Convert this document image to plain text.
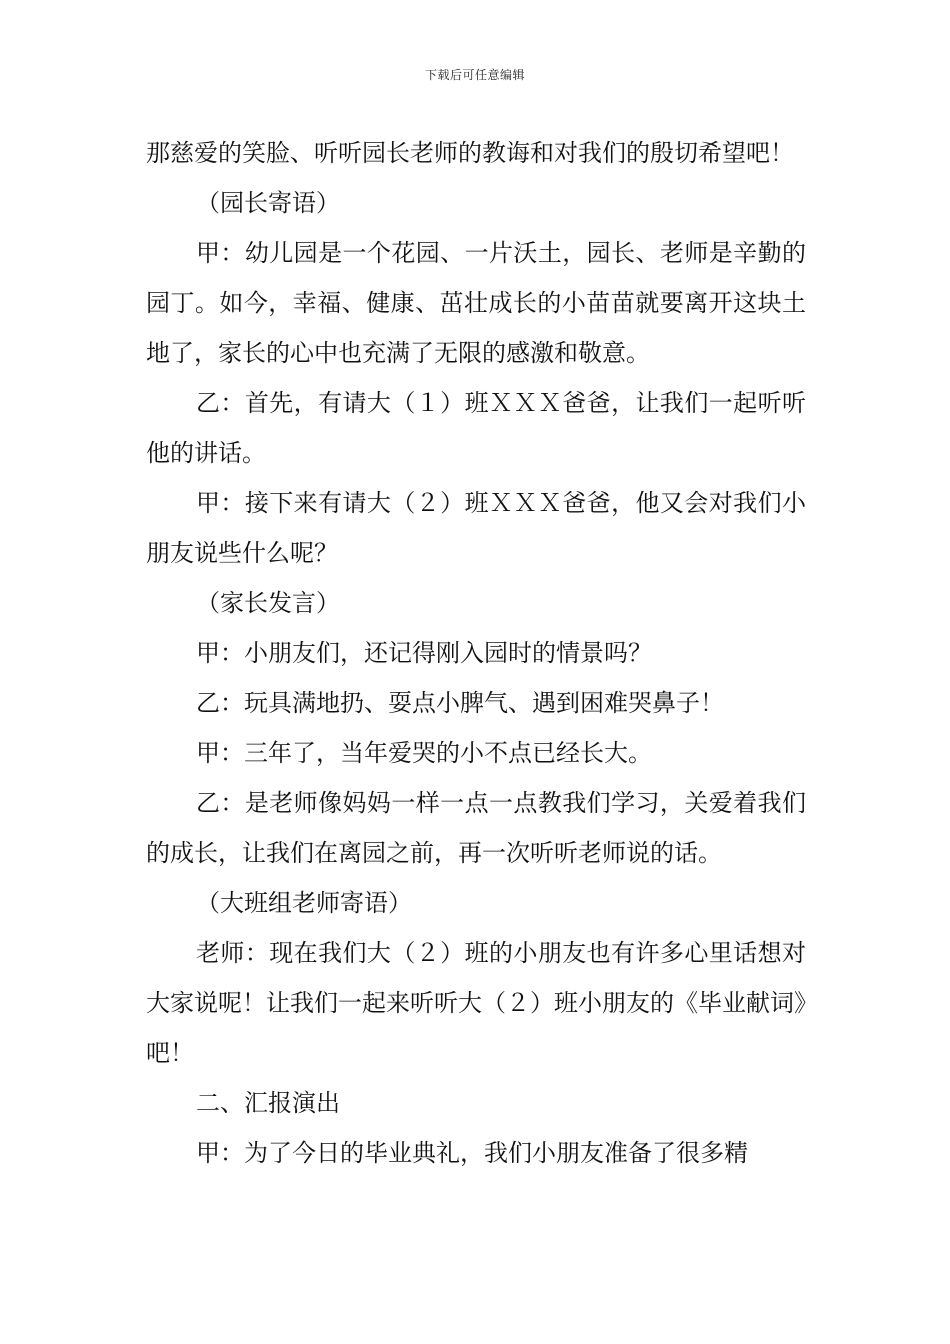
下载后可任意编辑

那慈爱的笑脸、听听园长老师的教诲和对我们的殷切希望吧！

（园长寄语）

甲：幼儿园是一个花园、一片沃土，园长、老师是辛勤的园丁。如今，幸福、健康、茁壮成长的小苗苗就要离开这块土地了，家长的心中也充满了无限的感激和敬意。

乙：首先，有请大（１）班ＸＸＸ爸爸，让我们一起听听他的讲话。

甲：接下来有请大（２）班ＸＸＸ爸爸，他又会对我们小朋友说些什么呢？

（家长发言）

甲：小朋友们，还记得刚入园时的情景吗？

乙：玩具满地扔、耍点小脾气、遇到困难哭鼻子！

甲：三年了，当年爱哭的小不点已经长大。

乙：是老师像妈妈一样一点一点教我们学习，关爱着我们的成长，让我们在离园之前，再一次听听老师说的话。

（大班组老师寄语）

老师：现在我们大（２）班的小朋友也有许多心里话想对大家说呢！让我们一起来听听大（２）班小朋友的《毕业献词》吧！

二、汇报演出

甲：为了今日的毕业典礼，我们小朋友准备了很多精
